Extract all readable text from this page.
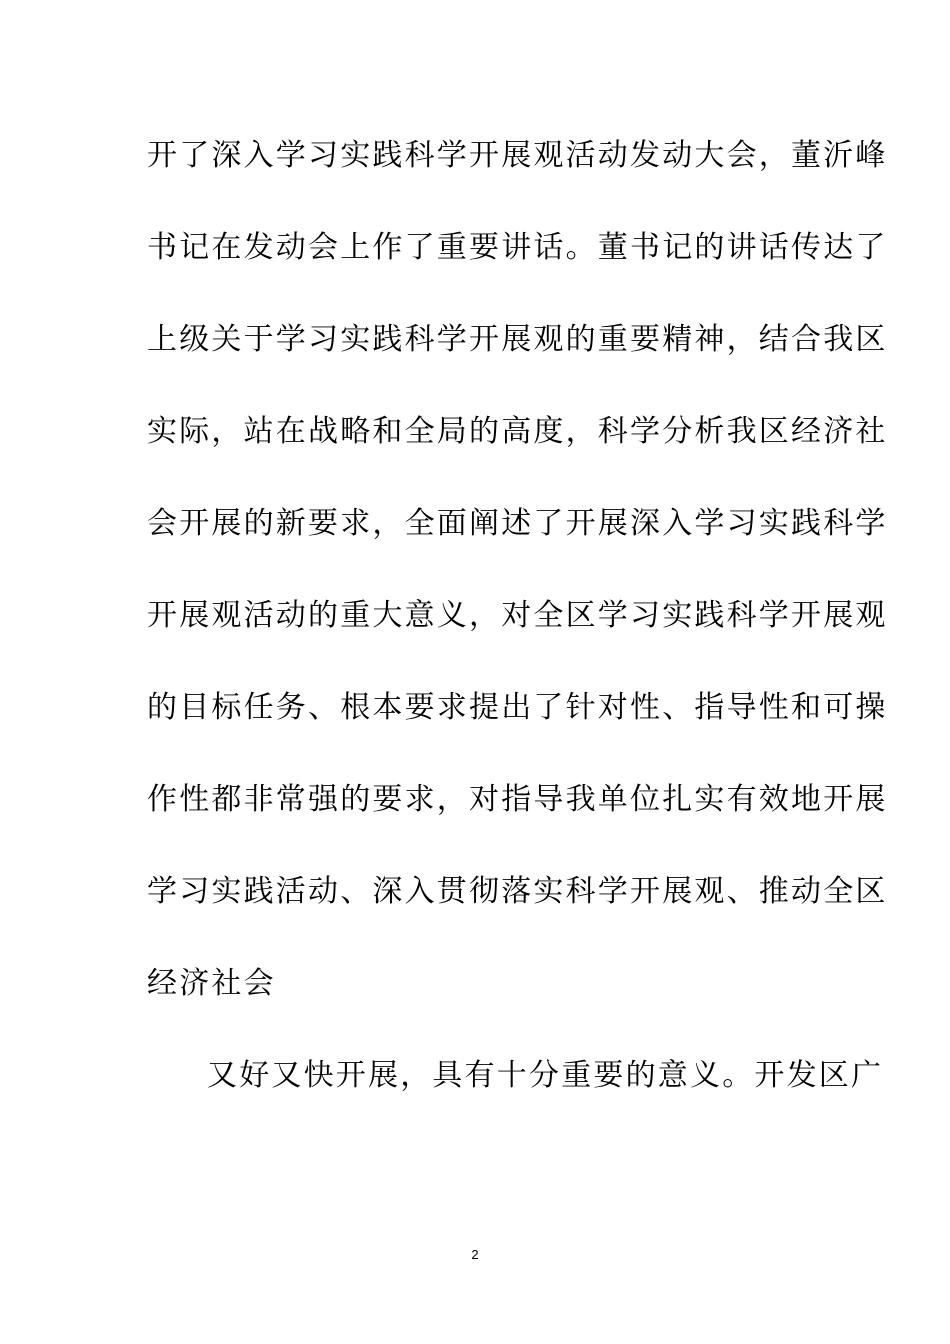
开了深入学习实践科学开展观活动发动大会，董沂峰
书记在发动会上作了重要讲话。董书记的讲话传达了
上级关于学习实践科学开展观的重要精神，结合我区
实际，站在战略和全局的高度，科学分析我区经济社
会开展的新要求，全面阐述了开展深入学习实践科学
开展观活动的重大意义，对全区学习实践科学开展观
的目标任务、根本要求提出了针对性、指导性和可操
作性都非常强的要求，对指导我单位扎实有效地开展
学习实践活动、深入贯彻落实科学开展观、推动全区
经济社会
又好又快开展，具有十分重要的意义。开发区广
2
